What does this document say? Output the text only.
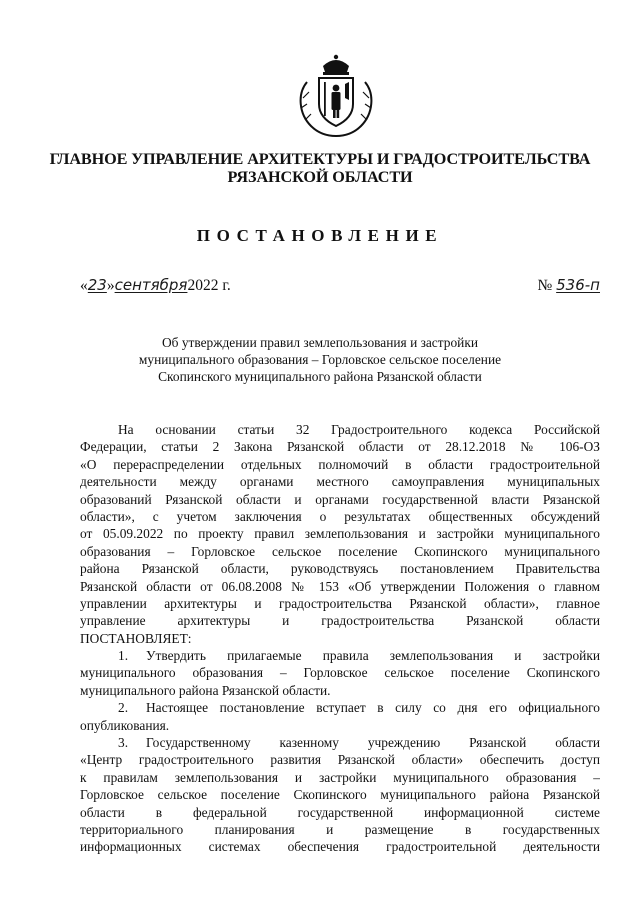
ГЛАВНОЕ УПРАВЛЕНИЕ АРХИТЕКТУРЫ И ГРАДОСТРОИТЕЛЬСТВА
РЯЗАНСКОЙ ОБЛАСТИ
ПОСТАНОВЛЕНИЕ
«23»сентября2022 г.	№ 536-п
Об утверждении правил землепользования и застройки
муниципального образования – Горловское сельское поселение
Скопинского муниципального района Рязанской области
На основании статьи 32 Градостроительного кодекса Российской
Федерации, статьи 2 Закона Рязанской области от 28.12.2018 № 106-ОЗ
«О перераспределении отдельных полномочий в области градостроительной
деятельности между органами местного самоуправления муниципальных
образований Рязанской области и органами государственной власти Рязанской
области», с учетом заключения о результатах общественных обсуждений
от 05.09.2022 по проекту правил землепользования и застройки муниципального
образования – Горловское сельское поселение Скопинского муниципального
района Рязанской области, руководствуясь постановлением Правительства
Рязанской области от 06.08.2008 № 153 «Об утверждении Положения о главном
управлении архитектуры и градостроительства Рязанской области», главное
управление архитектуры и градостроительства Рязанской области
ПОСТАНОВЛЯЕТ:
1. Утвердить прилагаемые правила землепользования и застройки
муниципального образования – Горловское сельское поселение Скопинского
муниципального района Рязанской области.
2. Настоящее постановление вступает в силу со дня его официального
опубликования.
3. Государственному казенному учреждению Рязанской области
«Центр градостроительного развития Рязанской области» обеспечить доступ
к правилам землепользования и застройки муниципального образования –
Горловское сельское поселение Скопинского муниципального района Рязанской
области в федеральной государственной информационной системе
территориального планирования и размещение в государственных
информационных системах обеспечения градостроительной деятельности
